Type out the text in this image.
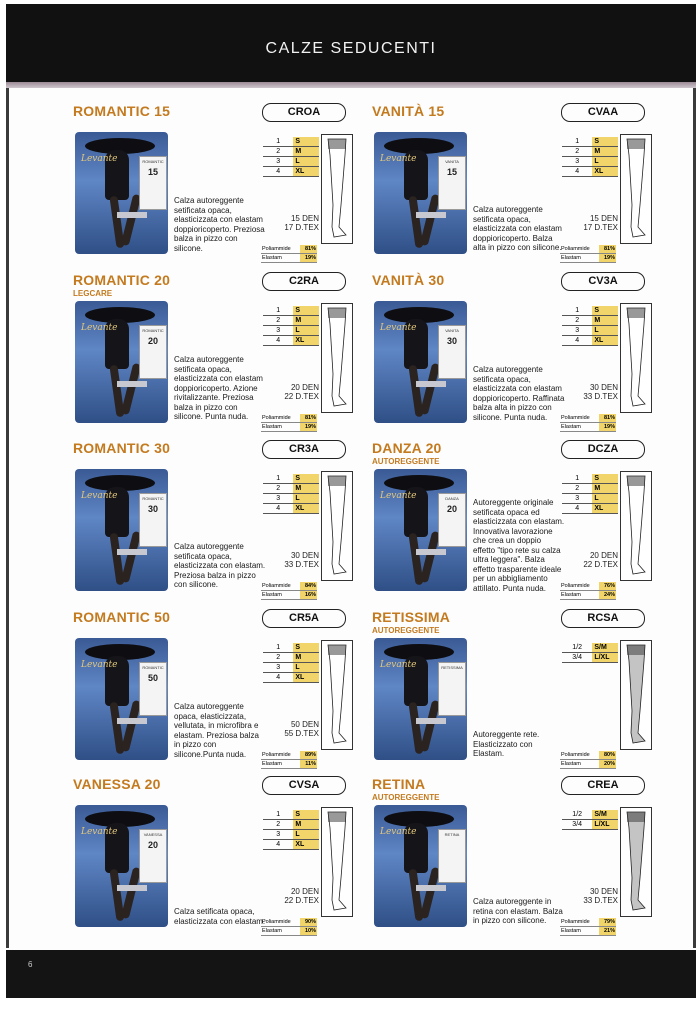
CALZE SEDUCENTI
6
ROMANTIC 15	CROA
Levante	ROMANTIC
15
1	S
2	M
3	L
4	XL
15 DEN
17 D.TEX
Calza autoreggente setificata opaca, elasticizzata con elastam doppioricoperto. Preziosa balza in pizzo con silicone.	Poliammide	81%
Elastam	19%
VANITÀ 15	CVAA
Levante	VANITA
15
1	S
2	M
3	L
4	XL
15 DEN
17 D.TEX
Calza autoreggente setificata opaca, elasticizzata con elastam doppioricoperto. Balza alta in pizzo con silicone. Poliammide	81%
Elastam	19%
ROMANTIC 20
LEGCARE
C2RA
Levante	ROMANTIC
20
1	S
2	M
3	L
4	XL
20 DEN
22 D.TEX
Calza autoreggente setificata opaca, elasticizzata con elastam doppioricoperto. Azione rivitalizzante. Preziosa balza in pizzo con silicone. Punta nuda.	Poliammide	81%
Elastam	19%
VANITÀ 30	CV3A
Levante	VANITA
30
1	S
2	M
3	L
4	XL
30 DEN
33 D.TEX
Calza autoreggente setificata opaca, elasticizzata con elastam doppioricoperto. Raffinata balza alta in pizzo con silicone. Punta nuda.	Poliammide	81%
Elastam	19%
ROMANTIC 30	CR3A
Levante	ROMANTIC
30
1	S
2	M
3	L
4	XL
30 DEN
33 D.TEX
Calza autoreggente setificata opaca, elasticizzata con elastam. Preziosa balza in pizzo con silicone.	Poliammide	84%
Elastam	16%
DANZA 20
AUTOREGGENTE
DCZA
Levante	DANZA
20
1	S
2	M
3	L
4	XL
20 DEN
22 D.TEX
Autoreggente originale setificata opaca ed elasticizzata con elastam. Innovativa lavorazione che crea un doppio effetto "tipo rete su calza ultra leggera". Balza effetto trasparente ideale per un abbigliamento attillato. Punta nuda.	Poliammide	76%
Elastam	24%
ROMANTIC 50	CR5A
Levante	ROMANTIC
50
1	S
2	M
3	L
4	XL
50 DEN
55 D.TEX
Calza autoreggente opaca, elasticizzata, vellutata, in microfibra e elastam. Preziosa balza in pizzo con silicone.Punta nuda.	Poliammide	89%
Elastam	11%
RETISSIMA
AUTOREGGENTE
RCSA
Levante	RETISSIMA
1/2	S/M
3/4	L/XL
Autoreggente rete. Elasticizzato con Elastam.	Poliammide	80%
Elastam	20%
VANESSA 20	CVSA
Levante	VANESSA
20
1	S
2	M
3	L
4	XL
20 DEN
22 D.TEX
Calza setificata opaca, elasticizzata con elastam.
Poliammide	90%
Elastam	10%
RETINA
AUTOREGGENTE
CREA
Levante	RETINA
1/2	S/M
3/4	L/XL
30 DEN
33 D.TEX
Calza autoreggente in retina con elastam. Balza in pizzo con silicone.	Poliammide	79%
Elastam	21%
